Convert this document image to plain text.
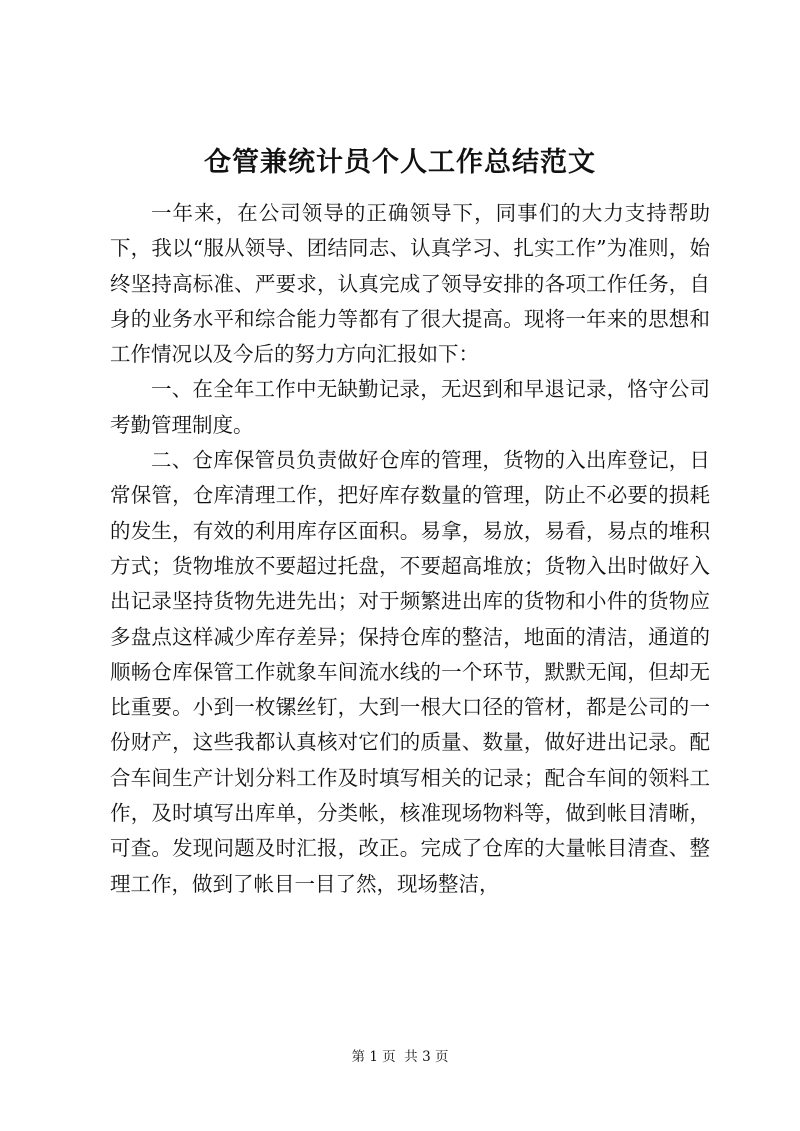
仓管兼统计员个人工作总结范文

一年来，在公司领导的正确领导下，同事们的大力支持帮助下，我以“服从领导、团结同志、认真学习、扎实工作”为准则，始终坚持高标准、严要求，认真完成了领导安排的各项工作任务，自身的业务水平和综合能力等都有了很大提高。现将一年来的思想和工作情况以及今后的努力方向汇报如下：

一、在全年工作中无缺勤记录，无迟到和早退记录，恪守公司考勤管理制度。

二、仓库保管员负责做好仓库的管理，货物的入出库登记，日常保管，仓库清理工作，把好库存数量的管理，防止不必要的损耗的发生，有效的利用库存区面积。易拿，易放，易看，易点的堆积方式；货物堆放不要超过托盘，不要超高堆放；货物入出时做好入出记录坚持货物先进先出；对于频繁进出库的货物和小件的货物应多盘点这样减少库存差异；保持仓库的整洁，地面的清洁，通道的顺畅仓库保管工作就象车间流水线的一个环节，默默无闻，但却无比重要。小到一枚镙丝钉，大到一根大口径的管材，都是公司的一份财产，这些我都认真核对它们的质量、数量，做好进出记录。配合车间生产计划分料工作及时填写相关的记录；配合车间的领料工作，及时填写出库单，分类帐，核准现场物料等，做到帐目清晰，可查。发现问题及时汇报，改正。完成了仓库的大量帐目清查、整理工作，做到了帐目一目了然，现场整洁，

第 1 页  共 3 页
